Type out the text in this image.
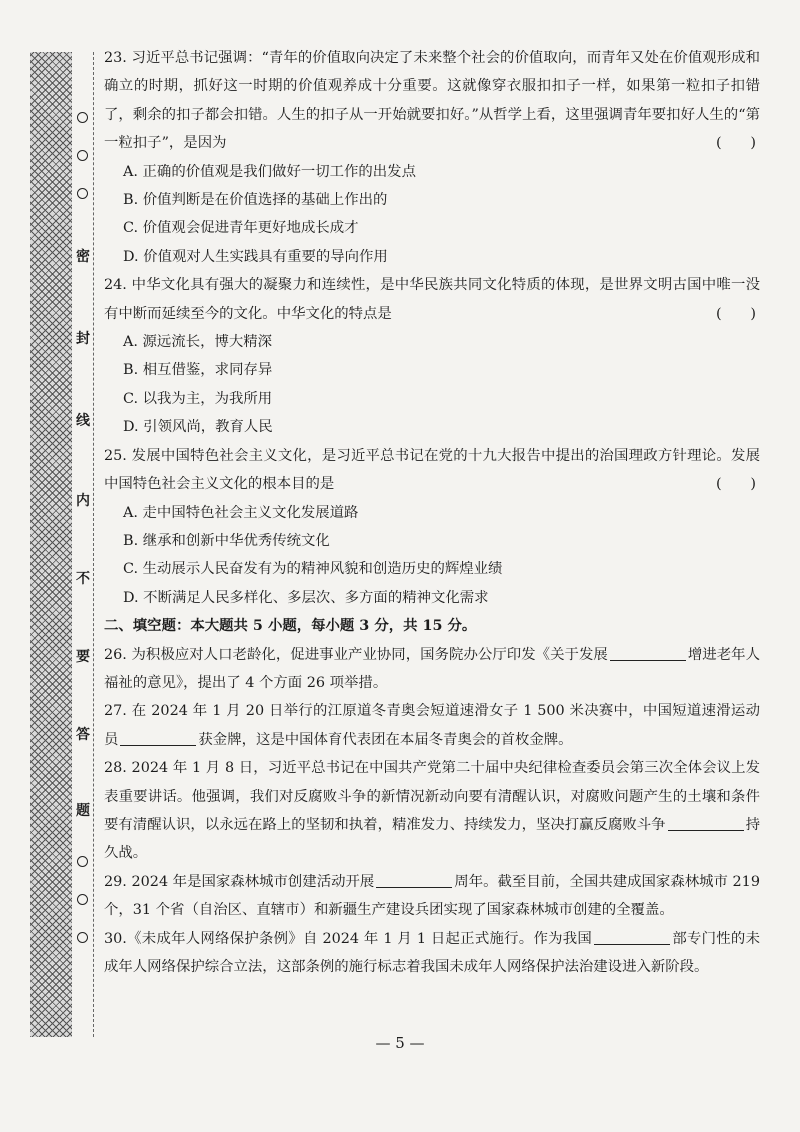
密
封
线
内
不
要
答
题

23. 习近平总书记强调：“青年的价值取向决定了未来整个社会的价值取向，而青年又处在价值观形成和确立的时期，抓好这一时期的价值观养成十分重要。这就像穿衣服扣扣子一样，如果第一粒扣子扣错了，剩余的扣子都会扣错。人生的扣子从一开始就要扣好。”从哲学上看，这里强调青年要扣好人生的“第一粒扣子”，是因为	(　　)

A. 正确的价值观是我们做好一切工作的出发点

B. 价值判断是在价值选择的基础上作出的

C. 价值观会促进青年更好地成长成才

D. 价值观对人生实践具有重要的导向作用

24. 中华文化具有强大的凝聚力和连续性，是中华民族共同文化特质的体现，是世界文明古国中唯一没有中断而延续至今的文化。中华文化的特点是	(　　)

A. 源远流长，博大精深

B. 相互借鉴，求同存异

C. 以我为主，为我所用

D. 引领风尚，教育人民

25. 发展中国特色社会主义文化，是习近平总书记在党的十九大报告中提出的治国理政方针理论。发展中国特色社会主义文化的根本目的是	(　　)

A. 走中国特色社会主义文化发展道路

B. 继承和创新中华优秀传统文化

C. 生动展示人民奋发有为的精神风貌和创造历史的辉煌业绩

D. 不断满足人民多样化、多层次、多方面的精神文化需求

二、填空题：本大题共 5 小题，每小题 3 分，共 15 分。

26. 为积极应对人口老龄化，促进事业产业协同，国务院办公厅印发《关于发展	增进老年人福祉的意见》，提出了 4 个方面 26 项举措。

27. 在 2024 年 1 月 20 日举行的江原道冬青奥会短道速滑女子 1 500 米决赛中，中国短道速滑运动员	获金牌，这是中国体育代表团在本届冬青奥会的首枚金牌。

28. 2024 年 1 月 8 日，习近平总书记在中国共产党第二十届中央纪律检查委员会第三次全体会议上发表重要讲话。他强调，我们对反腐败斗争的新情况新动向要有清醒认识，对腐败问题产生的土壤和条件要有清醒认识，以永远在路上的坚韧和执着，精准发力、持续发力，坚决打赢反腐败斗争	持久战。

29. 2024 年是国家森林城市创建活动开展	周年。截至目前，全国共建成国家森林城市 219 个，31 个省（自治区、直辖市）和新疆生产建设兵团实现了国家森林城市创建的全覆盖。

30.《未成年人网络保护条例》自 2024 年 1 月 1 日起正式施行。作为我国	部专门性的未成年人网络保护综合立法，这部条例的施行标志着我国未成年人网络保护法治建设进入新阶段。

— 5 —
